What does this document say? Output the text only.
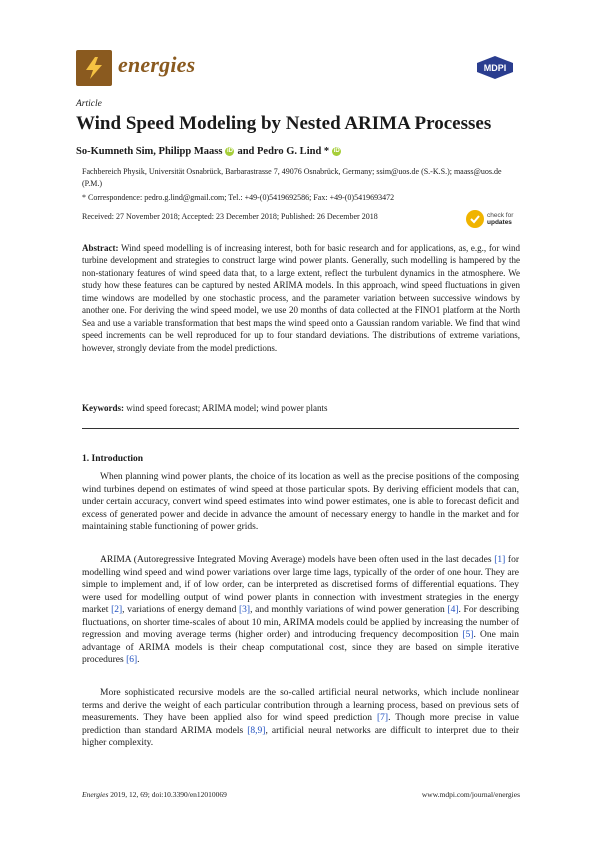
energies	MDPI
Article
Wind Speed Modeling by Nested ARIMA Processes
So-Kumneth Sim, Philipp Maass iD and Pedro G. Lind * iD
Fachbereich Physik, Universität Osnabrück, Barbarastrasse 7, 49076 Osnabrück, Germany; ssim@uos.de (S.-K.S.); maass@uos.de (P.M.)
* Correspondence: pedro.g.lind@gmail.com; Tel.: +49-(0)5419692586; Fax: +49-(0)5419693472
Received: 27 November 2018; Accepted: 23 December 2018; Published: 26 December 2018	check for
updates
Abstract: Wind speed modelling is of increasing interest, both for basic research and for applications, as, e.g., for wind turbine development and strategies to construct large wind power plants. Generally, such modelling is hampered by the non-stationary features of wind speed data that, to a large extent, reflect the turbulent dynamics in the atmosphere. We study how these features can be captured by nested ARIMA models. In this approach, wind speed fluctuations in given time windows are modelled by one stochastic process, and the parameter variation between successive windows by another one. For deriving the wind speed model, we use 20 months of data collected at the FINO1 platform at the North Sea and use a variable transformation that best maps the wind speed onto a Gaussian random variable. We find that wind speed increments can be well reproduced for up to four standard deviations. The distributions of extreme variations, however, strongly deviate from the model predictions.
Keywords: wind speed forecast; ARIMA model; wind power plants
1. Introduction
When planning wind power plants, the choice of its location as well as the precise positions of the composing wind turbines depend on estimates of wind speed at those particular spots. By deriving efficient models that can, under certain accuracy, convert wind speed estimates into wind power estimates, one is able to forecast deficit and excess of generated power and decide in advance the amount of necessary energy to handle in the market and for maintaining stable functioning of power grids.
ARIMA (Autoregressive Integrated Moving Average) models have been often used in the last decades [1] for modelling wind speed and wind power variations over large time lags, typically of the order of one hour. They are simple to implement and, if of low order, can be interpreted as discretised forms of differential equations. They were used for modelling output of wind power plants in connection with investment strategies in the energy market [2], variations of energy demand [3], and monthly variations of wind power generation [4]. For describing fluctuations, on shorter time-scales of about 10 min, ARIMA models could be applied by increasing the number of regression and moving average terms (higher order) and introducing frequency decomposition [5]. One main advantage of ARIMA models is their cheap computational cost, since they are based on simple iterative procedures [6].
More sophisticated recursive models are the so-called artificial neural networks, which include nonlinear terms and derive the weight of each particular contribution through a learning process, based on previous sets of measurements. They have been applied also for wind speed prediction [7]. Though more precise in value prediction than standard ARIMA models [8,9], artificial neural networks are difficult to interpret due to their higher complexity.
Energies 2019, 12, 69; doi:10.3390/en12010069	www.mdpi.com/journal/energies
